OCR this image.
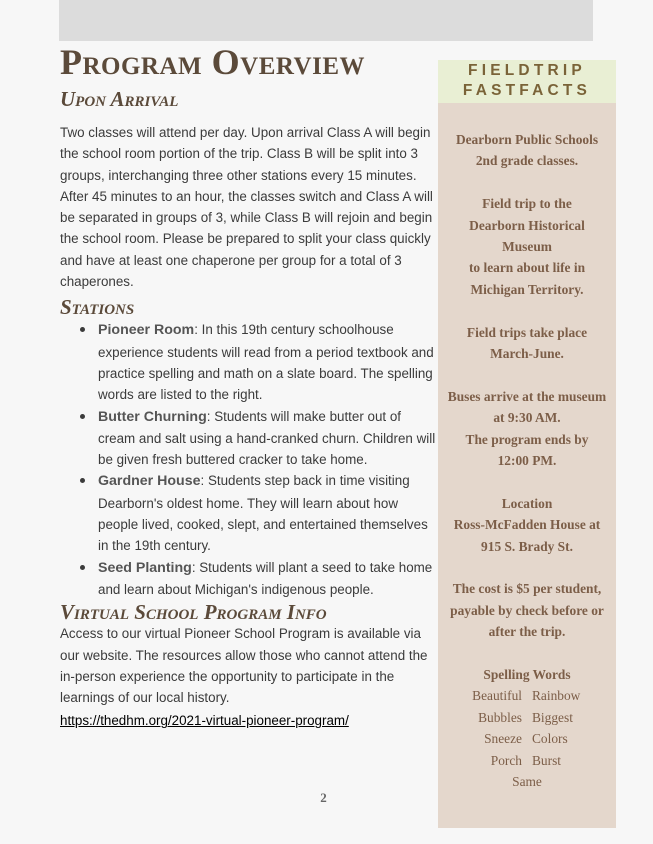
Program Overview
Upon Arrival

Two classes will attend per day. Upon arrival Class A will begin the school room portion of the trip. Class B will be split into 3 groups, interchanging three other stations every 15 minutes. After 45 minutes to an hour, the classes switch and Class A will be separated in groups of 3, while Class B will rejoin and begin the school room. Please be prepared to split your class quickly and have at least one chaperone per group for a total of 3 chaperones.

Stations
Pioneer Room: In this 19th century schoolhouse experience students will read from a period textbook and practice spelling and math on a slate board. The spelling words are listed to the right.
Butter Churning: Students will make butter out of cream and salt using a hand-cranked churn. Children will be given fresh buttered cracker to take home.
Gardner House: Students step back in time visiting Dearborn's oldest home. They will learn about how people lived, cooked, slept, and entertained themselves in the 19th century.
Seed Planting: Students will plant a seed to take home and learn about Michigan's indigenous people.
Virtual School Program Info

Access to our virtual Pioneer School Program is available via our website. The resources allow those who cannot attend the in-person experience the opportunity to participate in the learnings of our local history.

https://thedhm.org/2021-virtual-pioneer-program/
2
FIELDTRIP
FASTFACTS

Dearborn Public Schools

2nd grade classes.

Field trip to the

Dearborn Historical

Museum

to learn about life in

Michigan Territory.

Field trips take place

March-June.

Buses arrive at the museum

at 9:30 AM.

The program ends by

12:00 PM.

Location

Ross-McFadden House at

915 S. Brady St.

The cost is $5 per student,

payable by check before or

after the trip.

Spelling Words

Beautiful Rainbow
Bubbles Biggest
Sneeze Colors
Porch Burst

Same
